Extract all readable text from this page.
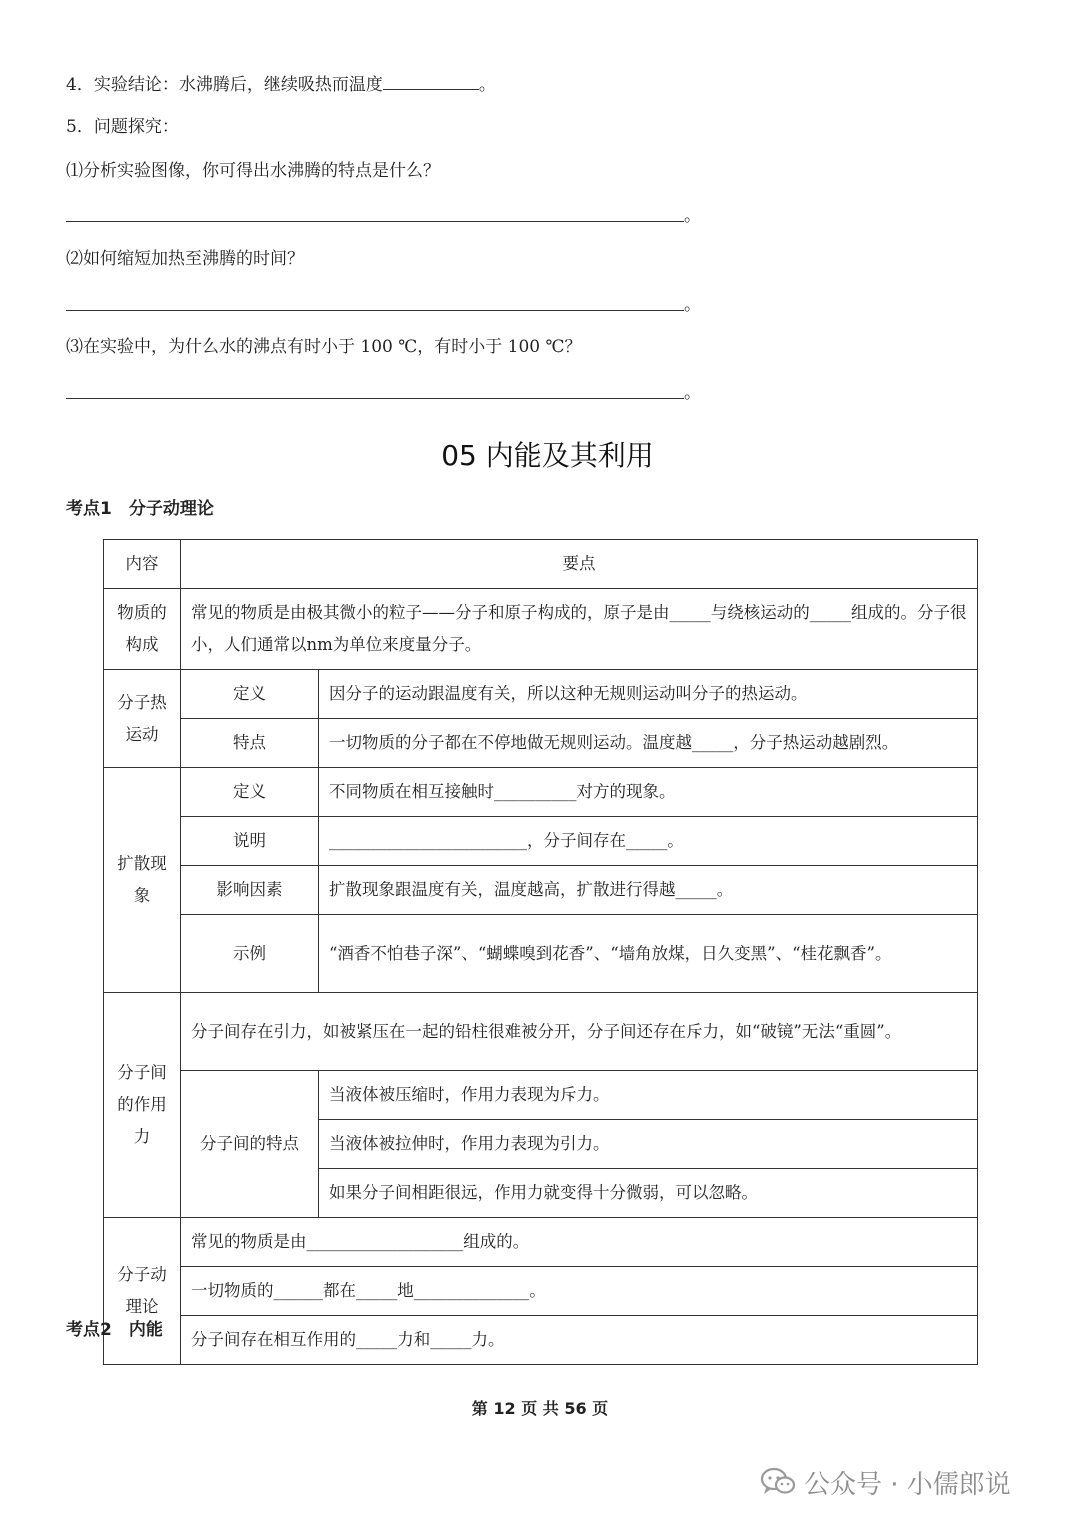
4．实验结论：水沸腾后，继续吸热而温度	。
5．问题探究：
⑴分析实验图像，你可得出水沸腾的特点是什么？
。
⑵如何缩短加热至沸腾的时间？
。
⑶在实验中，为什么水的沸点有时小于 100 ℃，有时小于 100 ℃？
。
05 内能及其利用
考点1　分子动理论
内容	要点	
物质的构成	常见的物质是由极其微小的粒子——分子和原子构成的，原子是由_____与绕核运动的_____组成的。分子很小，人们通常以nm为单位来度量分子。	
分子热运动	定义	因分子的运动跟温度有关，所以这种无规则运动叫分子的热运动。
	特点	一切物质的分子都在不停地做无规则运动。温度越_____，分子热运动越剧烈。
扩散现象	定义	不同物质在相互接触时__________对方的现象。
	说明	________________________，分子间存在_____。
	影响因素	扩散现象跟温度有关，温度越高，扩散进行得越_____。
	示例	“酒香不怕巷子深”、“蝴蝶嗅到花香”、“墙角放煤，日久变黑”、“桂花飘香”。
分子间的作用力	分子间存在引力，如被紧压在一起的铅柱很难被分开，分子间还存在斥力，如“破镜”无法“重圆”。	
	分子间的特点	当液体被压缩时，作用力表现为斥力。
		当液体被拉伸时，作用力表现为引力。
		如果分子间相距很远，作用力就变得十分微弱，可以忽略。
分子动理论	常见的物质是由___________________组成的。	
	一切物质的______都在_____地______________。	
	分子间存在相互作用的_____力和_____力。	
考点2　内能
第 12 页 共 56 页
公众号 · 小儒郎说
